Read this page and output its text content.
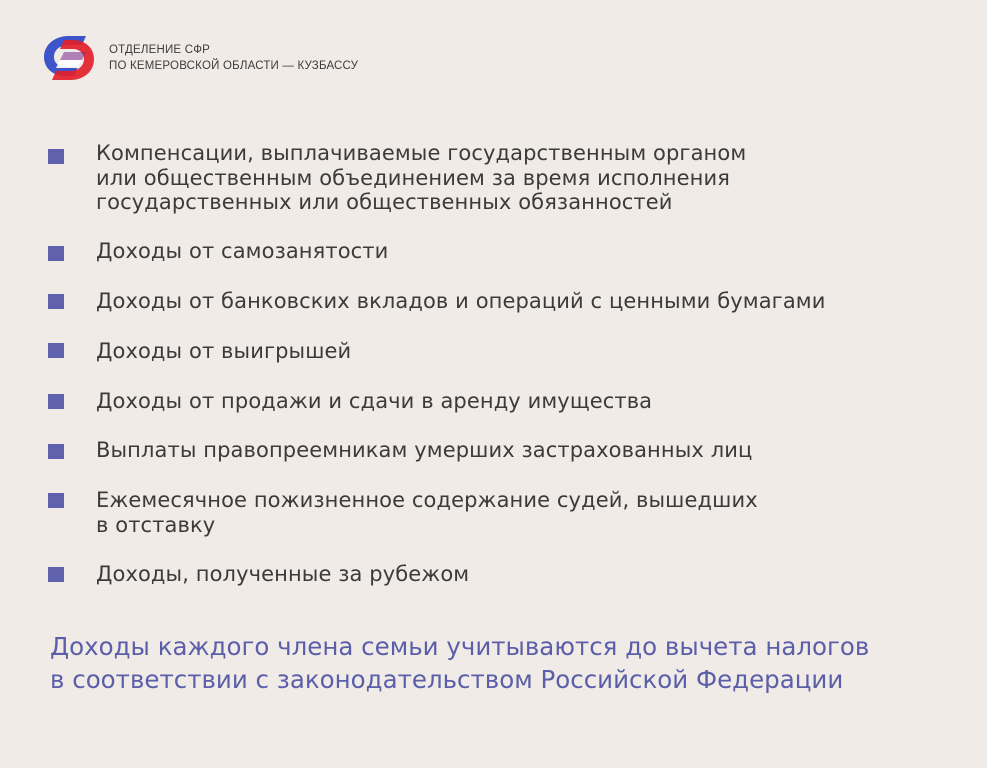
ОТДЕЛЕНИЕ СФР
ПО КЕМЕРОВСКОЙ ОБЛАСТИ — КУЗБАССУ
Компенсации, выплачиваемые государственным органом
или общественным объединением за время исполнения
государственных или общественных обязанностей
Доходы от самозанятости
Доходы от банковских вкладов и операций с ценными бумагами
Доходы от выигрышей
Доходы от продажи и сдачи в аренду имущества
Выплаты правопреемникам умерших застрахованных лиц
Ежемесячное пожизненное содержание судей, вышедших
в отставку
Доходы, полученные за рубежом
Доходы каждого члена семьи учитываются до вычета налогов
в соответствии с законодательством Российской Федерации
